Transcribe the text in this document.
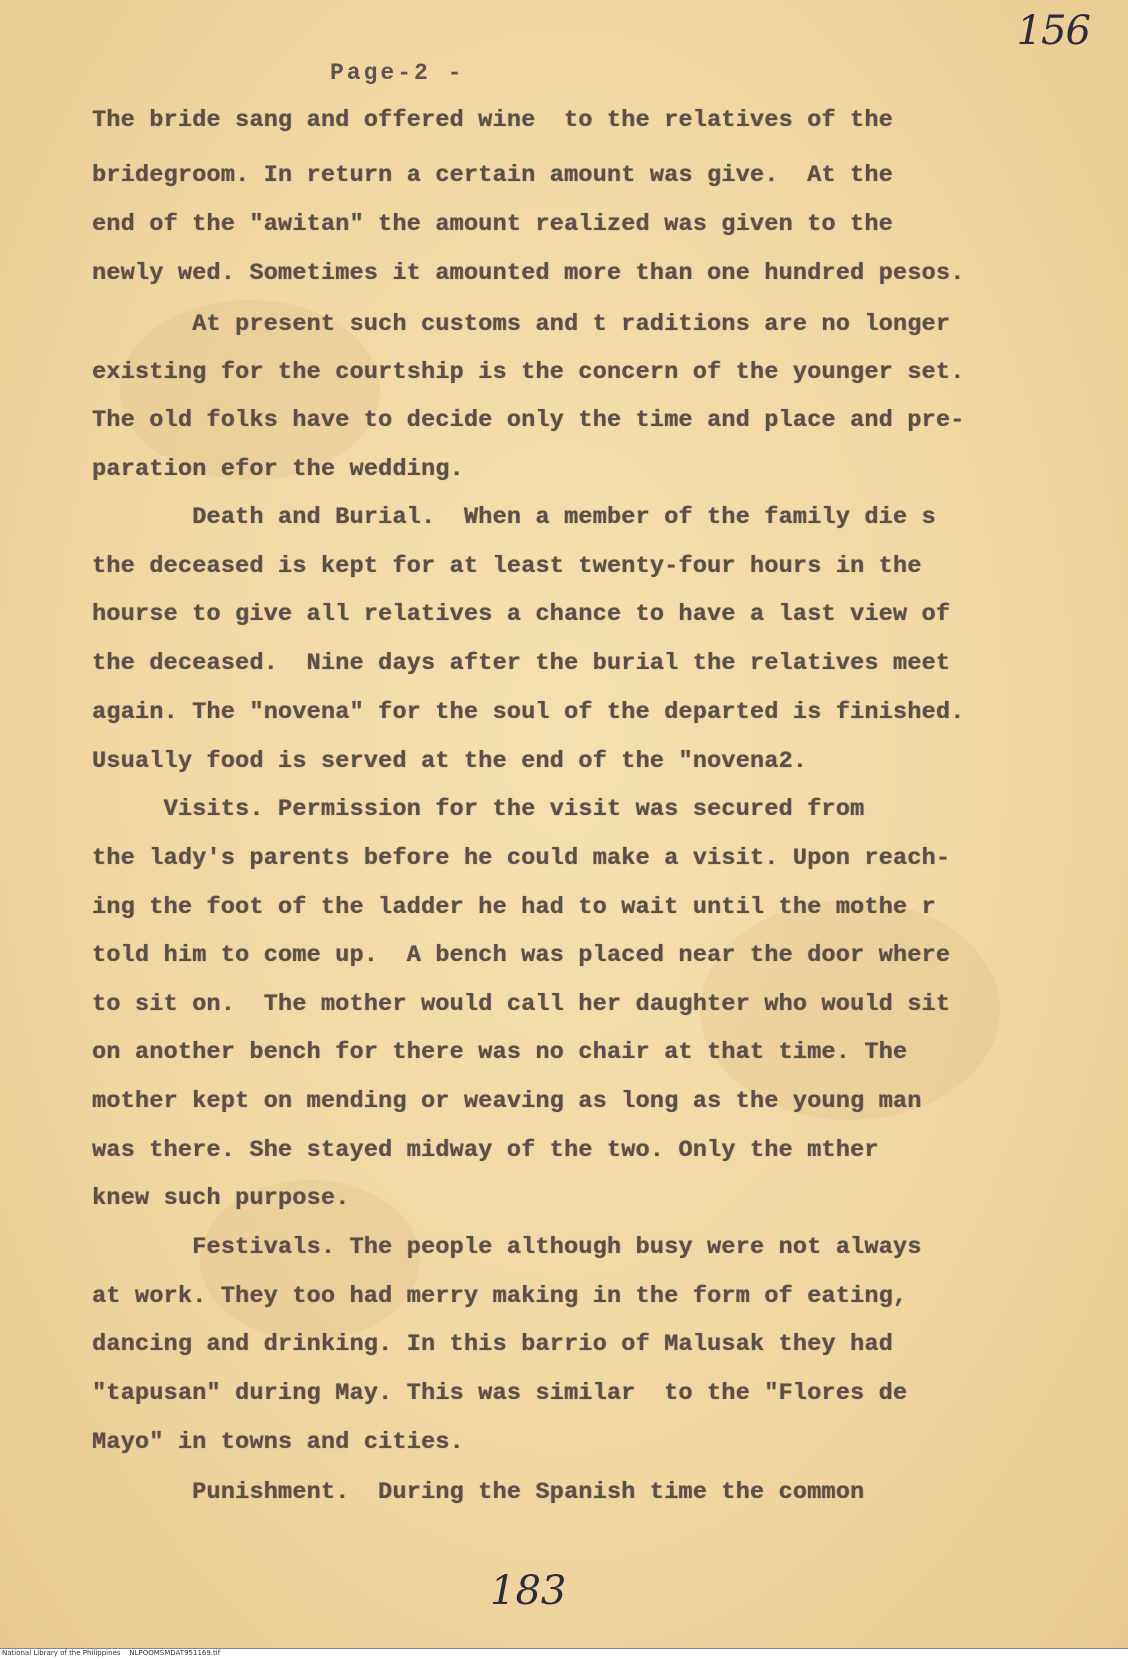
156
Page-2 -
The bride sang and offered wine  to the relatives of the
bridegroom. In return a certain amount was give.  At the
end of the "awitan" the amount realized was given to the
newly wed. Sometimes it amounted more than one hundred pesos.
At present such customs and t raditions are no longer
existing for the courtship is the concern of the younger set.
The old folks have to decide only the time and place and pre-
paration efor the wedding.
Death and Burial.  When a member of the family die s
the deceased is kept for at least twenty-four hours in the
hourse to give all relatives a chance to have a last view of
the deceased.  Nine days after the burial the relatives meet
again. The "novena" for the soul of the departed is finished.
Usually food is served at the end of the "novena2.
Visits. Permission for the visit was secured from
the lady's parents before he could make a visit. Upon reach-
ing the foot of the ladder he had to wait until the mothe r
told him to come up.  A bench was placed near the door where
to sit on.  The mother would call her daughter who would sit
on another bench for there was no chair at that time. The
mother kept on mending or weaving as long as the young man
was there. She stayed midway of the two. Only the mther
knew such purpose.
Festivals. The people although busy were not always
at work. They too had merry making in the form of eating,
dancing and drinking. In this barrio of Malusak they had
"tapusan" during May. This was similar  to the "Flores de
Mayo" in towns and cities.
Punishment.  During the Spanish time the common
183
National Library of the Philippines    NLPOOMSMDAT951169.tif
